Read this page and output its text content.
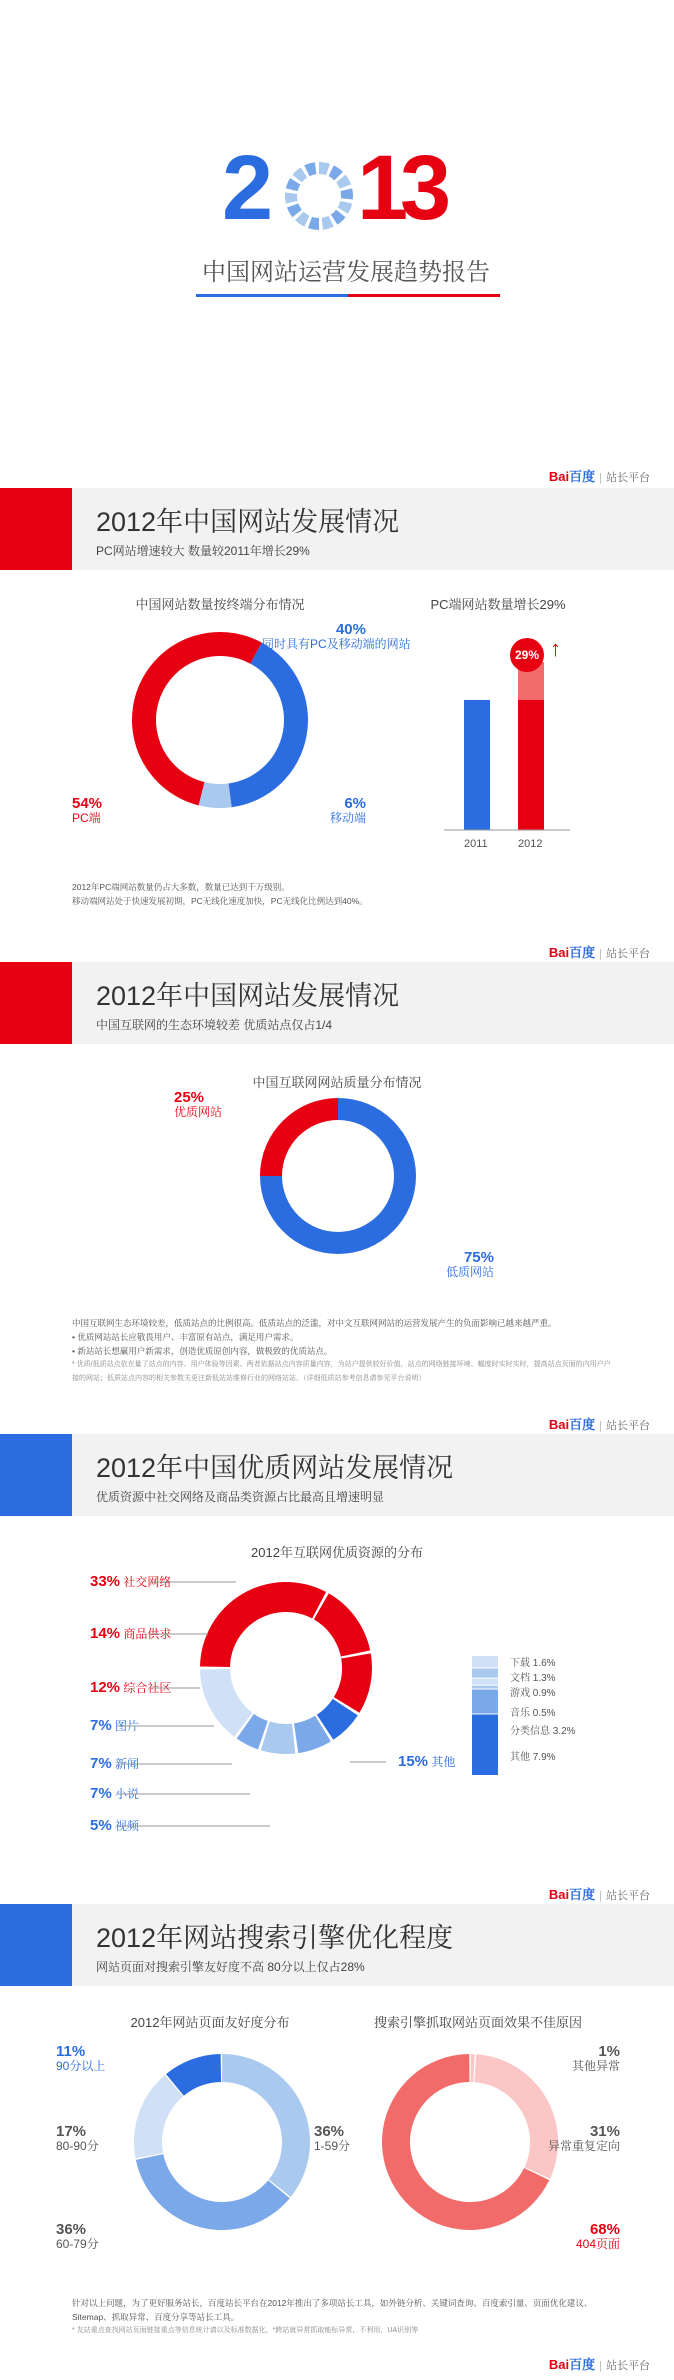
2 1
3
中国网站运营发展趋势报告
Bai百度 | 站长平台
2012年中国网站发展情况
PC网站增速较大 数量较2011年增长29%
中国网站数量按终端分布情况	PC端网站数量增长29%
40%
同时具有PC及移动端的网站
6%
移动端
54%
PC端
29% ↑
2011	2012
2012年PC端网站数量仍占大多数，数量已达到千万级别。
移动端网站处于快速发展初期，PC无线化速度加快，PC无线化比例达到40%。
Bai百度 | 站长平台
2012年中国网站发展情况
中国互联网的生态环境较差 优质站点仅占1/4
中国互联网网站质量分布情况
25%
优质网站
75%
低质网站
中国互联网生态环境较差，低质站点的比例很高。低质站点的泛滥，对中文互联网网站的运营发展产生的负面影响已越来越严重。
• 优质网站站长应敬畏用户、丰富原有站点，满足用户需求。
• 新站站长想赢用户新需求，创造优质原创内容，做极致的优质站点。
* 优质/低质站点依在量了站点的内容、用户体验等因素。两者依据站点内容质量内容，为站户提供较好价值，站点的网络链接环境、幅度时实时实时，提高站点页面的内用户户
接的网站；低质站点内容的相关参数关更注新低站站维修行业的网络站站，（详细低质站参考信息请参见平台说明）
Bai百度 | 站长平台
2012年中国优质网站发展情况
优质资源中社交网络及商品类资源占比最高且增速明显
2012年互联网优质资源的分布
33% 社交网络
14% 商品供求
12% 综合社区
7% 图片
7% 新闻
7% 小说
5% 视频
15% 其他
下载 1.6%
文档 1.3%
游戏 0.9%
音乐 0.5%
分类信息 3.2%
其他 7.9%
Bai百度 | 站长平台
2012年网站搜索引擎优化程度
网站页面对搜索引擎友好度不高 80分以上仅占28%
2012年网站页面友好度分布	搜索引擎抓取网站页面效果不佳原因
11%
90分以上
17%
80-90分
36%
60-79分
36%
1-59分
1%
其他异常
31%
异常重复定向
68%
404页面
针对以上问题，为了更好服务站长，百度站长平台在2012年推出了多项站长工具，如外链分析、关键词查询、百度索引量、页面优化建议、
Sitemap、抓取异常、百度分享等站长工具。
* 友站重点查找网站页面链接重点等信息统计请以及标准数据化，*跨站就异常抓取能标异常，不利用，UA识别等
Bai百度 | 站长平台
